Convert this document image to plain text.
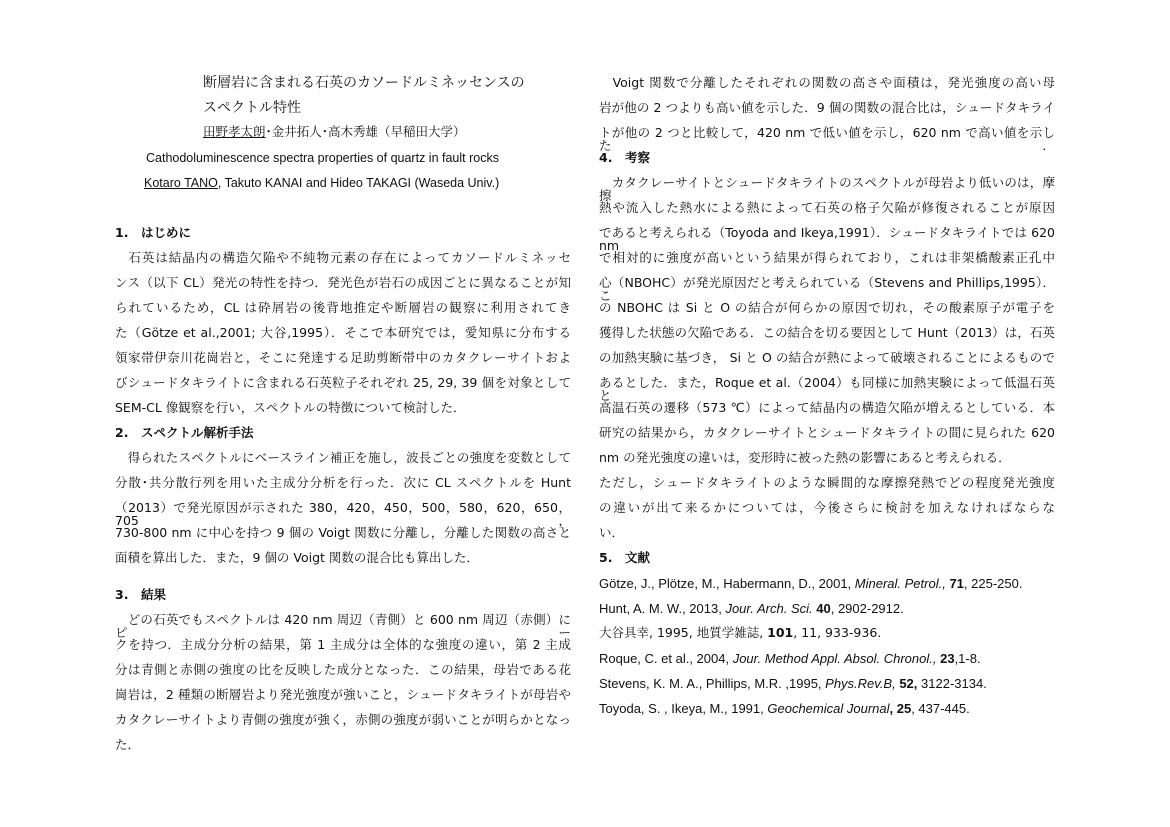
断層岩に含まれる石英のカソードルミネッセンスの
スペクトル特性
田野孝太朗･金井拓人･高木秀雄（早稲田大学）
Cathodoluminescence spectra properties of quartz in fault rocks
Kotaro TANO, Takuto KANAI and Hideo TAKAGI (Waseda Univ.)
1.　はじめに
　石英は結晶内の構造欠陥や不純物元素の存在によってカソードルミネッセ
ンス（以下 CL）発光の特性を持つ．発光色が岩石の成因ごとに異なることが知
られているため，CL は砕屑岩の後背地推定や断層岩の観察に利用されてき
た（Götze et al.,2001; 大谷,1995）．そこで本研究では，愛知県に分布する
領家帯伊奈川花崗岩と，そこに発達する足助剪断帯中のカタクレーサイトおよ
びシュードタキライトに含まれる石英粒子それぞれ 25, 29, 39 個を対象として
SEM-CL 像観察を行い，スペクトルの特徴について検討した．
2.　スペクトル解析手法
　得られたスペクトルにベースライン補正を施し，波長ごとの強度を変数として
分散･共分散行列を用いた主成分分析を行った．次に CL スペクトルを Hunt
（2013）で発光原因が示された 380，420，450，500，580，620，650，705，
730-800 nm に中心を持つ 9 個の Voigt 関数に分離し，分離した関数の高さと
面積を算出した．また，9 個の Voigt 関数の混合比も算出した．
3.　結果
　どの石英でもスペクトルは 420 nm 周辺（青側）と 600 nm 周辺（赤側）にピー
クを持つ．主成分分析の結果，第 1 主成分は全体的な強度の違い，第 2 主成
分は青側と赤側の強度の比を反映した成分となった．この結果，母岩である花
崗岩は，2 種類の断層岩より発光強度が強いこと，シュードタキライトが母岩や
カタクレーサイトより青側の強度が強く，赤側の強度が弱いことが明らかとなっ
た．
　Voigt 関数で分離したそれぞれの関数の高さや面積は，発光強度の高い母
岩が他の 2 つよりも高い値を示した．9 個の関数の混合比は，シュードタキライ
トが他の 2 つと比較して，420 nm で低い値を示し，620 nm で高い値を示した．
4.　考察
　カタクレーサイトとシュードタキライトのスペクトルが母岩より低いのは，摩擦
熱や流入した熱水による熱によって石英の格子欠陥が修復されることが原因
であると考えられる（Toyoda and Ikeya,1991）．シュードタキライトでは 620 nm
で相対的に強度が高いという結果が得られており，これは非架橋酸素正孔中
心（NBOHC）が発光原因だと考えられている（Stevens and Phillips,1995）．こ
の NBOHC は Si と O の結合が何らかの原因で切れ，その酸素原子が電子を
獲得した状態の欠陥である．この結合を切る要因として Hunt（2013）は，石英
の加熱実験に基づき， Si と O の結合が熱によって破壊されることによるもので
あるとした．また，Roque et al.（2004）も同様に加熱実験によって低温石英と
高温石英の遷移（573 ℃）によって結晶内の構造欠陥が増えるとしている．本
研究の結果から，カタクレーサイトとシュードタキライトの間に見られた 620
nm の発光強度の違いは，変形時に被った熱の影響にあると考えられる．
ただし，シュードタキライトのような瞬間的な摩擦発熱でどの程度発光強度
の違いが出て来るかについては，今後さらに検討を加えなければならな
い．
5.　文献
Götze, J., Plötze, M., Habermann, D., 2001, Mineral. Petrol., 71, 225-250.
Hunt, A. M. W., 2013, Jour. Arch. Sci. 40, 2902-2912.
大谷具幸, 1995, 地質学雑誌, 101, 11, 933-936.
Roque, C. et al., 2004, Jour. Method Appl. Absol. Chronol., 23,1-8.
Stevens, K. M. A., Phillips, M.R. ,1995, Phys.Rev.B, 52, 3122-3134.
Toyoda, S. , Ikeya, M., 1991, Geochemical Journal, 25, 437-445.
